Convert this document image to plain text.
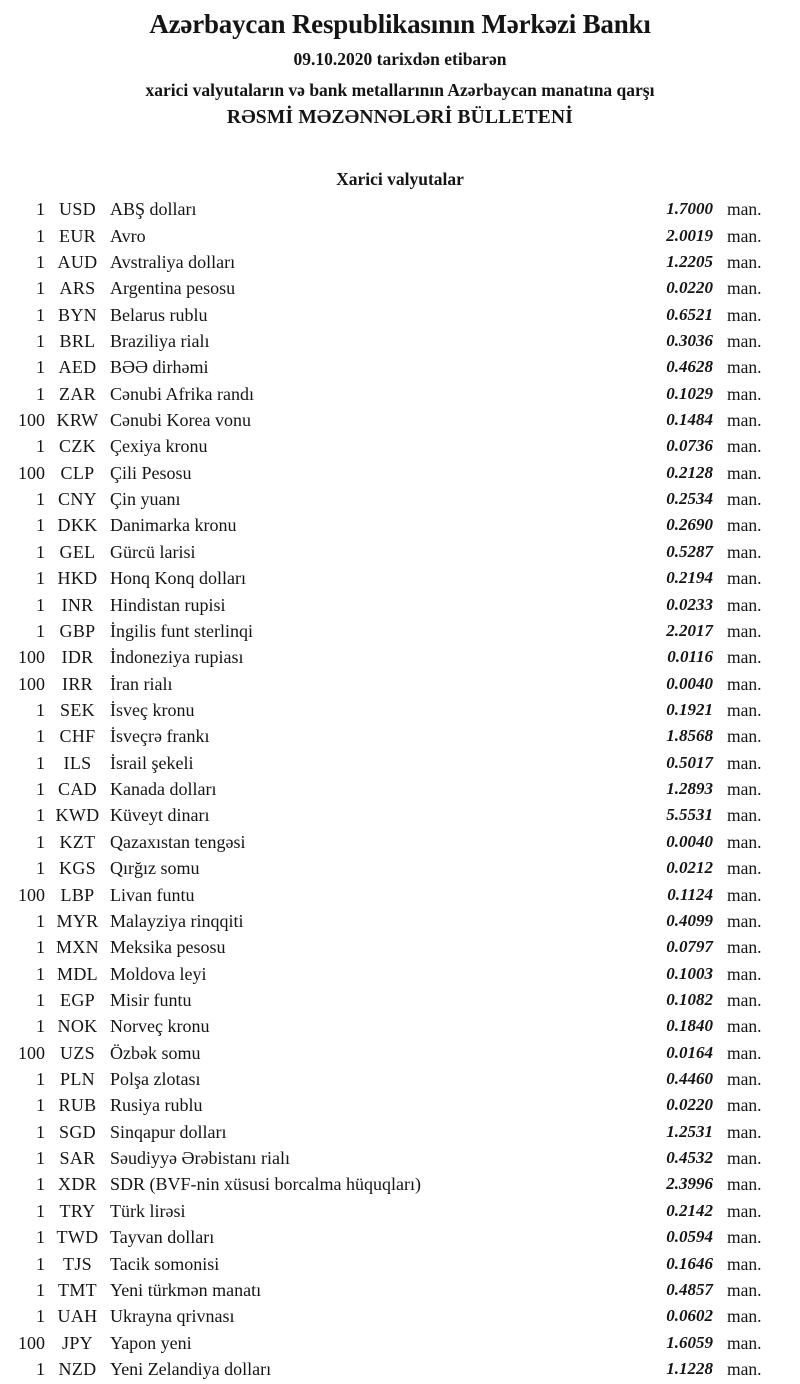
Azərbaycan Respublikasının Mərkəzi Bankı
09.10.2020 tarixdən etibarən
xarici valyutaların və bank metallarının Azərbaycan manatına qarşı
RƏSMİ MƏZƏNNƏLƏRİ BÜLLETENİ
Xarici valyutalar
1 USD ABŞ dolları	1.7000 man.
1 EUR Avro	2.0019 man.
1 AUD Avstraliya dolları	1.2205 man.
1 ARS Argentina pesosu	0.0220 man.
1 BYN Belarus rublu	0.6521 man.
1 BRL Braziliya rialı	0.3036 man.
1 AED BƏƏ dirhəmi	0.4628 man.
1 ZAR Cənubi Afrika randı	0.1029 man.
100 KRW Cənubi Korea vonu	0.1484 man.
1 CZK Çexiya kronu	0.0736 man.
100 CLP Çili Pesosu	0.2128 man.
1 CNY Çin yuanı	0.2534 man.
1 DKK Danimarka kronu	0.2690 man.
1 GEL Gürcü larisi	0.5287 man.
1 HKD Honq Konq dolları	0.2194 man.
1 INR Hindistan rupisi	0.0233 man.
1 GBP İngilis funt sterlinqi	2.2017 man.
100 IDR İndoneziya rupiası	0.0116 man.
100 IRR İran rialı	0.0040 man.
1 SEK İsveç kronu	0.1921 man.
1 CHF İsveçrə frankı	1.8568 man.
1	ILS	İsrail şekeli	0.5017 man.
1 CAD Kanada dolları	1.2893 man.
1 KWD Küveyt dinarı	5.5531 man.
1 KZT Qazaxıstan tengəsi	0.0040 man.
1 KGS Qırğız somu	0.0212 man.
100 LBP Livan funtu	0.1124 man.
1 MYR Malayziya rinqqiti	0.4099 man.
1 MXN Meksika pesosu	0.0797 man.
1 MDL Moldova leyi	0.1003 man.
1 EGP Misir funtu	0.1082 man.
1 NOK Norveç kronu	0.1840 man.
100 UZS Özbək somu	0.0164 man.
1 PLN Polşa zlotası	0.4460 man.
1 RUB Rusiya rublu	0.0220 man.
1 SGD Sinqapur dolları	1.2531 man.
1 SAR Səudiyyə Ərəbistanı rialı	0.4532 man.
1 XDR SDR (BVF-nin xüsusi borcalma hüquqları)	2.3996 man.
1 TRY Türk lirəsi	0.2142 man.
1 TWD Tayvan dolları	0.0594 man.
1	TJS	Tacik somonisi	0.1646 man.
1 TMT Yeni türkmən manatı	0.4857 man.
1 UAH Ukrayna qrivnası	0.0602 man.
100 JPY Yapon yeni	1.6059 man.
1 NZD Yeni Zelandiya dolları	1.1228 man.
